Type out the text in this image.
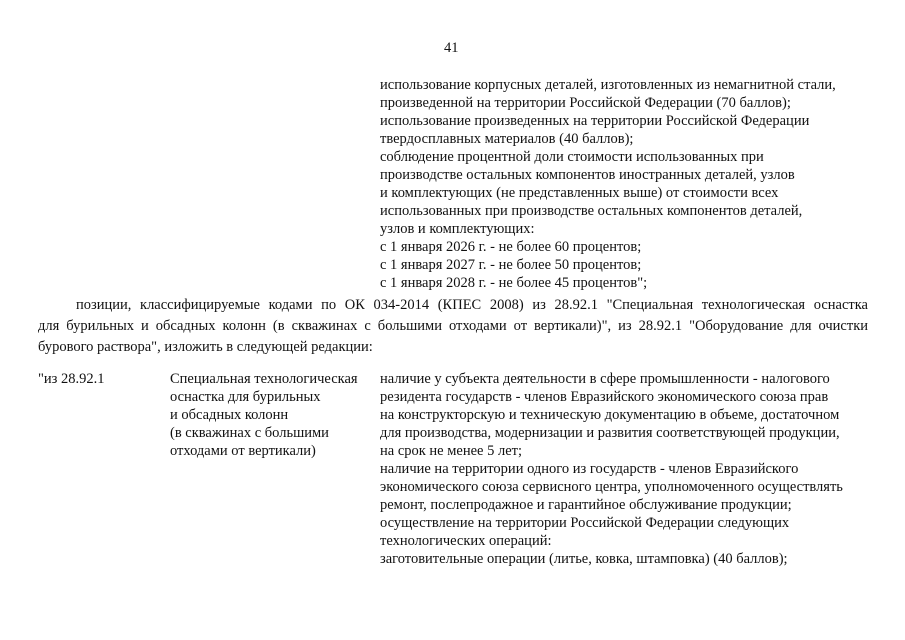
41
использование корпусных деталей, изготовленных из немагнитной стали,
произведенной на территории Российской Федерации (70 баллов);
использование произведенных на территории Российской Федерации
твердосплавных материалов (40 баллов);
соблюдение процентной доли стоимости использованных при
производстве остальных компонентов иностранных деталей, узлов
и комплектующих (не представленных выше) от стоимости всех
использованных при производстве остальных компонентов деталей,
узлов и комплектующих:
с 1 января 2026 г. - не более 60 процентов;
с 1 января 2027 г. - не более 50 процентов;
с 1 января 2028 г. - не более 45 процентов";
позиции, классифицируемые кодами по ОК 034-2014 (КПЕС 2008) из 28.92.1 "Специальная технологическая оснастка
для бурильных и обсадных колонн (в скважинах с большими отходами от вертикали)", из 28.92.1 "Оборудование для очистки
бурового раствора", изложить в следующей редакции:
"из 28.92.1	Специальная технологическая
оснастка для бурильных
и обсадных колонн
(в скважинах с большими
отходами от вертикали)
наличие у субъекта деятельности в сфере промышленности - налогового
резидента государств - членов Евразийского экономического союза прав
на конструкторскую и техническую документацию в объеме, достаточном
для производства, модернизации и развития соответствующей продукции,
на срок не менее 5 лет;
наличие на территории одного из государств - членов Евразийского
экономического союза сервисного центра, уполномоченного осуществлять
ремонт, послепродажное и гарантийное обслуживание продукции;
осуществление на территории Российской Федерации следующих
технологических операций:
заготовительные операции (литье, ковка, штамповка) (40 баллов);
